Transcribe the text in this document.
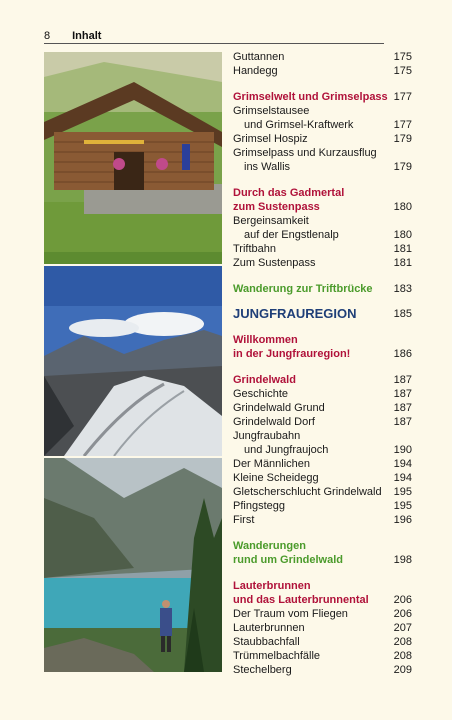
8 Inhalt
Guttannen	175
Handegg	175
Grimselwelt und Grimselpass 177
Grimselstausee
und Grimsel-Kraftwerk	177
Grimsel Hospiz	179
Grimselpass und Kurzausflug
ins Wallis	179
Durch das Gadmertal
zum Sustenpass	180
Bergeinsamkeit
auf der Engstlenalp	180
Triftbahn	181
Zum Sustenpass	181
Wanderung zur Triftbrücke	183
JUNGFRAUREGION	185
Willkommen
in der Jungfrauregion!	186
Grindelwald	187
Geschichte	187
Grindelwald Grund	187
Grindelwald Dorf	187
Jungfraubahn
und Jungfraujoch	190
Der Männlichen	194
Kleine Scheidegg	194
Gletscherschlucht Grindelwald	195
Pfingstegg	195
First	196
Wanderungen
rund um Grindelwald	198
Lauterbrunnen
und das Lauterbrunnental	206
Der Traum vom Fliegen	206
Lauterbrunnen	207
Staubbachfall	208
Trümmelbachfälle	208
Stechelberg	209
